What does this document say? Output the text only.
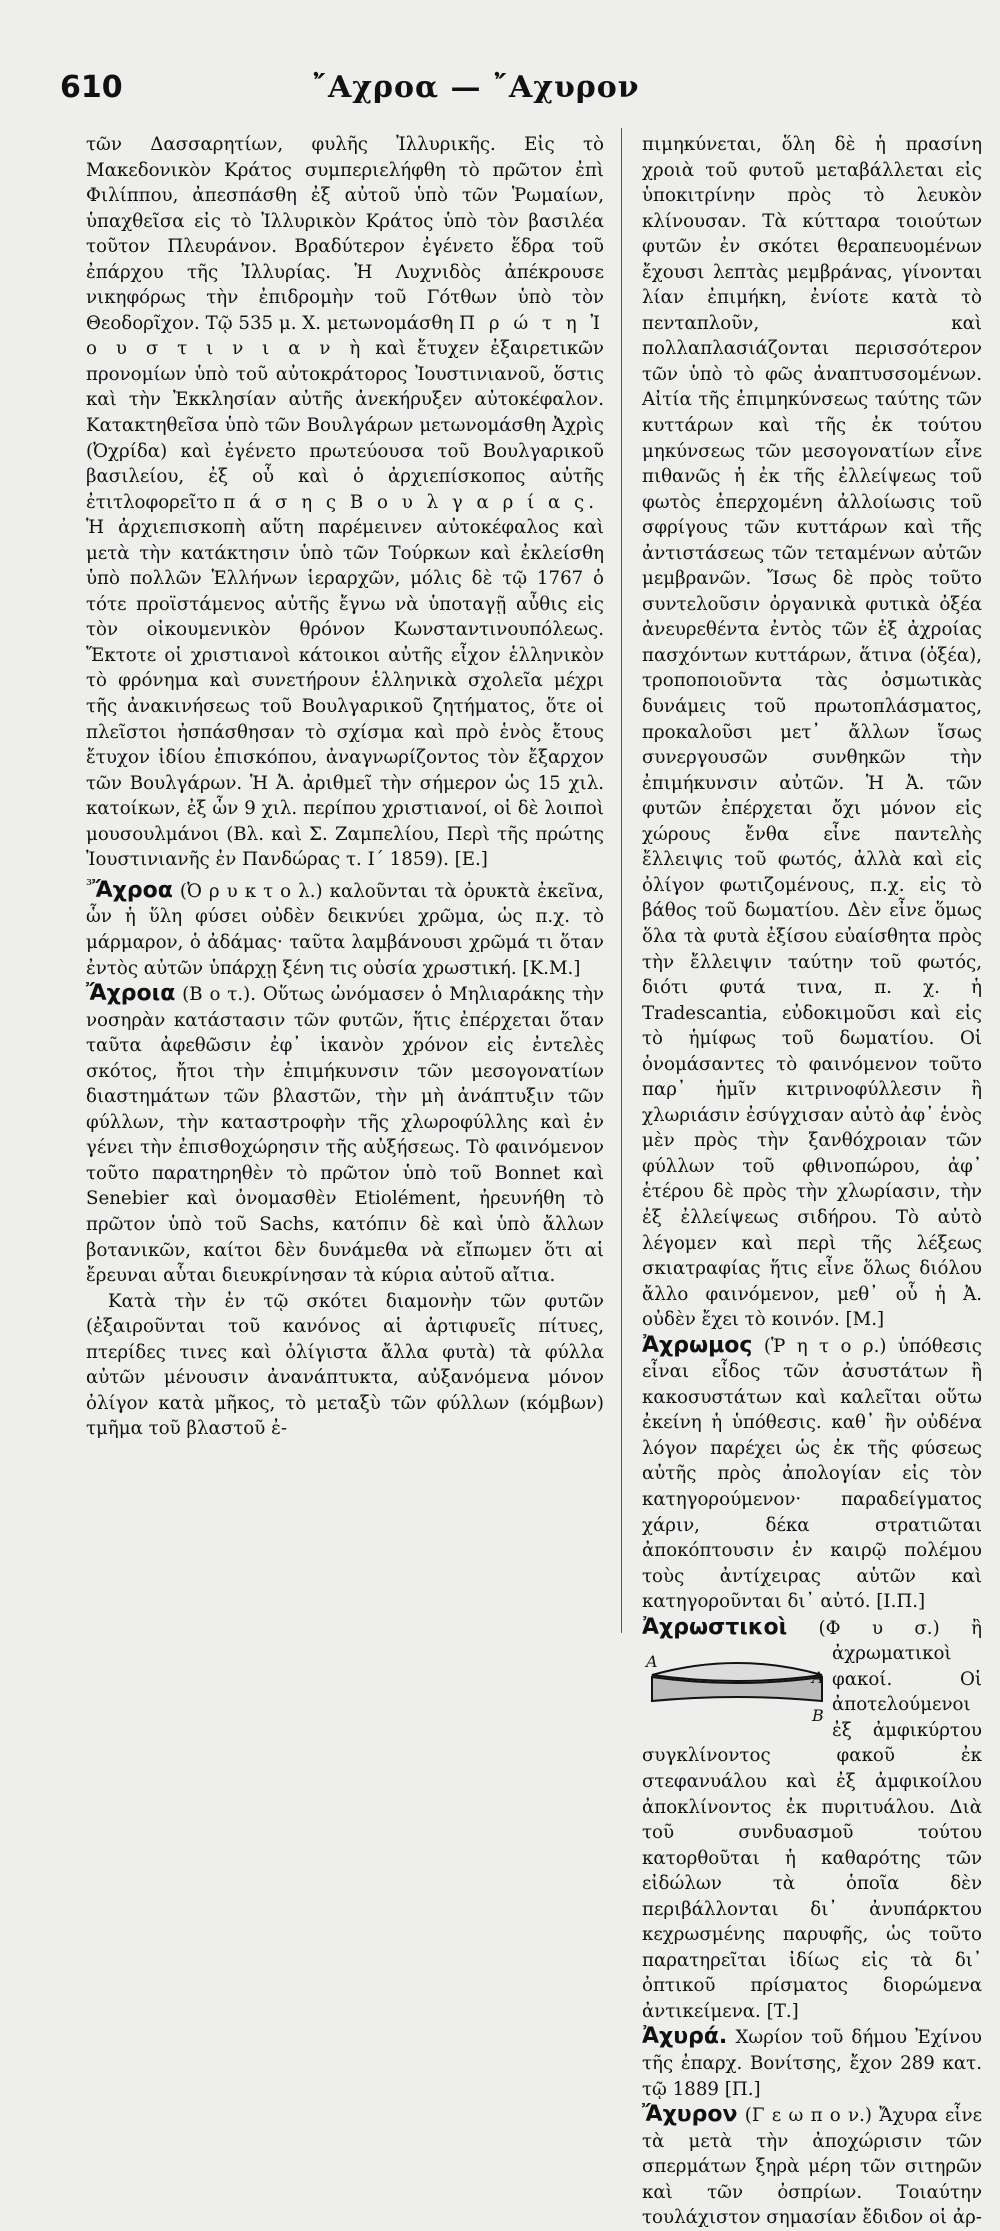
610	῎Αχροα — ῎Αχυρον

τῶν Δασσαρητίων, φυλῆς Ἰλλυρικῆς. Εἰς τὸ Μακεδονικὸν Κράτος συμπεριελήφθη τὸ πρῶτον ἐπὶ Φιλίππου, ἀπεσπάσθη ἐξ αὐτοῦ ὑπὸ τῶν Ῥωμαίων, ὑπαχθεῖσα εἰς τὸ Ἰλλυρικὸν Κράτος ὑπὸ τὸν βασιλέα τοῦτον Πλευράνον. Βραδύτερον ἐγένετο ἕδρα τοῦ ἐπάρχου τῆς Ἰλλυρίας. Ἡ Λυχνιδὸς ἀπέκρουσε νικηφόρως τὴν ἐπιδρομὴν τοῦ Γότθων ὑπὸ τὸν Θεοδορῖχον. Τῷ 535 μ. Χ. μετωνομάσθη Π ρ ώ τ η Ἰ ο υ σ τ ι ν ι α ν ὴ καὶ ἔτυχεν ἐξαιρετικῶν προνομίων ὑπὸ τοῦ αὐτοκράτορος Ἰουστινιανοῦ, ὅστις καὶ τὴν Ἐκκλησίαν αὐτῆς ἀνεκήρυξεν αὐτοκέφαλον. Κατακτηθεῖσα ὑπὸ τῶν Βουλγάρων μετωνομάσθη Ἀχρὶς (Ὀχρίδα) καὶ ἐγένετο πρωτεύουσα τοῦ Βουλγαρικοῦ βασιλείου, ἐξ οὗ καὶ ὁ ἀρχιεπίσκοπος αὐτῆς ἐτιτλοφορεῖτο π ά σ η ς Β ο υ λ γ α ρ ί α ς.

Ἡ ἀρχιεπισκοπὴ αὕτη παρέμεινεν αὐτοκέφαλος καὶ μετὰ τὴν κατάκτησιν ὑπὸ τῶν Τούρκων καὶ ἐκλείσθη ὑπὸ πολλῶν Ἑλλήνων ἱεραρχῶν, μόλις δὲ τῷ 1767 ὁ τότε προϊστάμενος αὐτῆς ἔγνω νὰ ὑποταγῇ αὖθις εἰς τὸν οἰκουμενικὸν θρόνον Κωνσταντινουπόλεως. Ἔκτοτε οἱ χριστιανοὶ κάτοικοι αὐτῆς εἶχον ἑλληνικὸν τὸ φρόνημα καὶ συνετήρουν ἑλληνικὰ σχολεῖα μέχρι τῆς ἀνακινήσεως τοῦ Βουλγαρικοῦ ζητήματος, ὅτε οἱ πλεῖστοι ἠσπάσθησαν τὸ σχίσμα καὶ πρὸ ἑνὸς ἔτους ἔτυχον ἰδίου ἐπισκόπου, ἀναγνωρίζοντος τὸν ἔξαρχον τῶν Βουλγάρων. Ἡ Ἀ. ἀριθμεῖ τὴν σήμερον ὡς 15 χιλ. κατοίκων, ἐξ ὧν 9 χιλ. περίπου χριστιανοί, οἱ δὲ λοιποὶ μουσουλμάνοι (Βλ. καὶ Σ. Ζαμπελίου, Περὶ τῆς πρώτης Ἰουστινιανῆς ἐν Πανδώρας τ. Ι΄ 1859). [Ε.]

$^{^3}$Ἄχροα (Ὀ ρ υ κ τ ο λ.) καλοῦνται τὰ ὀρυκτὰ ἐκεῖνα, ὧν ἡ ὕλη φύσει οὐδὲν δεικνύει χρῶμα, ὡς π.χ. τὸ μάρμαρον, ὁ ἀδάμας· ταῦτα λαμβάνουσι χρῶμά τι ὅταν ἐντὸς αὐτῶν ὑπάρχῃ ξένη τις οὐσία χρωστική. [Κ.Μ.]

Ἄχροια (Β ο τ.). Οὕτως ὠνόμασεν ὁ Μηλιαράκης τὴν νοσηρὰν κατάστασιν τῶν φυτῶν, ἥτις ἐπέρχεται ὅταν ταῦτα ἀφεθῶσιν ἐφ᾽ ἱκανὸν χρόνον εἰς ἐντελὲς σκότος, ἤτοι τὴν ἐπιμήκυνσιν τῶν μεσογονατίων διαστημάτων τῶν βλαστῶν, τὴν μὴ ἀνάπτυξιν τῶν φύλλων, τὴν καταστροφὴν τῆς χλωροφύλλης καὶ ἐν γένει τὴν ἐπισθοχώρησιν τῆς αὐξήσεως. Τὸ φαινόμενον τοῦτο παρατηρηθὲν τὸ πρῶτον ὑπὸ τοῦ Bonnet καὶ Senebier καὶ ὀνομασθὲν Etiolément, ἠρευνήθη τὸ πρῶτον ὑπὸ τοῦ Sachs, κατόπιν δὲ καὶ ὑπὸ ἄλλων βοτανικῶν, καίτοι δὲν δυνάμεθα νὰ εἴπωμεν ὅτι αἱ ἔρευναι αὗται διευκρίνησαν τὰ κύρια αὐτοῦ αἴτια.

Κατὰ τὴν ἐν τῷ σκότει διαμονὴν τῶν φυτῶν (ἐξαιροῦνται τοῦ κανόνος αἱ ἀρτιφυεῖς πίτυες, πτερίδες τινες καὶ ὀλίγιστα ἄλλα φυτὰ) τὰ φύλλα αὐτῶν μένουσιν ἀνανάπτυκτα, αὐξανόμενα μόνον ὀλίγον κατὰ μῆκος, τὸ μεταξὺ τῶν φύλλων (κόμβων) τμῆμα τοῦ βλαστοῦ ἐ-

πιμηκύνεται, ὅλη δὲ ἡ πρασίνη χροιὰ τοῦ φυτοῦ μεταβάλλεται εἰς ὑποκιτρίνην πρὸς τὸ λευκὸν κλίνουσαν. Τὰ κύτταρα τοιούτων φυτῶν ἐν σκότει θεραπευομένων ἔχουσι λεπτὰς μεμβράνας, γίνονται λίαν ἐπιμήκη, ἐνίοτε κατὰ τὸ πενταπλοῦν, καὶ πολλαπλασιάζονται περισσότερον τῶν ὑπὸ τὸ φῶς ἀναπτυσσομένων. Αἰτία τῆς ἐπιμηκύνσεως ταύτης τῶν κυττάρων καὶ τῆς ἐκ τούτου μηκύνσεως τῶν μεσογονατίων εἶνε πιθανῶς ἡ ἐκ τῆς ἐλλείψεως τοῦ φωτὸς ἐπερχομένη ἀλλοίωσις τοῦ σφρίγους τῶν κυττάρων καὶ τῆς ἀντιστάσεως τῶν τεταμένων αὐτῶν μεμβρανῶν. Ἴσως δὲ πρὸς τοῦτο συντελοῦσιν ὀργανικὰ φυτικὰ ὀξέα ἀνευρεθέντα ἐντὸς τῶν ἐξ ἀχροίας πασχόντων κυττάρων, ἅτινα (ὀξέα), τροποποιοῦντα τὰς ὀσμωτικὰς δυνάμεις τοῦ πρωτοπλάσματος, προκαλοῦσι μετ᾽ ἄλλων ἴσως συνεργουσῶν συνθηκῶν τὴν ἐπιμήκυνσιν αὐτῶν. Ἡ Ἀ. τῶν φυτῶν ἐπέρχεται ὄχι μόνον εἰς χώρους ἔνθα εἶνε παντελὴς ἔλλειψις τοῦ φωτός, ἀλλὰ καὶ εἰς ὀλίγον φωτιζομένους, π.χ. εἰς τὸ βάθος τοῦ δωματίου. Δὲν εἶνε ὅμως ὅλα τὰ φυτὰ ἐξίσου εὐαίσθητα πρὸς τὴν ἔλλειψιν ταύτην τοῦ φωτός, διότι φυτά τινα, π. χ. ἡ Tradescantia, εὐδοκιμοῦσι καὶ εἰς τὸ ἡμίφως τοῦ δωματίου. Οἱ ὀνομάσαντες τὸ φαινόμενον τοῦτο παρ᾽ ἡμῖν κιτρινοφύλλεσιν ἢ χλωριάσιν ἐσύγχισαν αὐτὸ ἀφ᾽ ἑνὸς μὲν πρὸς τὴν ξανθόχροιαν τῶν φύλλων τοῦ φθινοπώρου, ἀφ᾽ ἑτέρου δὲ πρὸς τὴν χλωρίασιν, τὴν ἐξ ἐλλείψεως σιδήρου. Τὸ αὐτὸ λέγομεν καὶ περὶ τῆς λέξεως σκιατραφίας ἥτις εἶνε ὅλως διόλου ἄλλο φαινόμενον, μεθ᾽ οὗ ἡ Ἀ. οὐδὲν ἔχει τὸ κοινόν. [Μ.]

Ἀχρωμος (Ῥ η τ ο ρ.) ὑπόθεσις εἶναι εἶδος τῶν ἀσυστάτων ἢ κακοσυστάτων καὶ καλεῖται οὕτω ἐκείνη ἡ ὑπόθεσις. καθ᾽ ἣν οὐδένα λόγον παρέχει ὡς ἐκ τῆς φύσεως αὐτῆς πρὸς ἀπολογίαν εἰς τὸν κατηγορούμενον· παραδείγματος χάριν, δέκα στρατιῶται ἀποκόπτουσιν ἐν καιρῷ πολέμου τοὺς ἀντίχειρας αὑτῶν καὶ κατηγοροῦνται δι᾽ αὐτό. [Ι.Π.]

Ἀχρωστικοὶ (Φ υ σ.)
A
A
B
ἢ ἀχρωματικοὶ φακοί. Οἱ ἀποτελούμενοι ἐξ ἀμφικύρτου συγκλίνοντος φακοῦ ἐκ στεφανυάλου καὶ ἐξ ἀμφικοίλου ἀποκλίνοντος ἐκ πυριτυάλου. Διὰ τοῦ συνδυασμοῦ τούτου κατορθοῦται ἡ καθαρότης τῶν εἰδώλων τὰ ὁποῖα δὲν περιβάλλονται δι᾽ ἀνυπάρκτου κεχρωσμένης παρυφῆς, ὡς τοῦτο παρατηρεῖται ἰδίως εἰς τὰ δι᾽ ὀπτικοῦ πρίσματος διορώμενα ἀντικείμενα. [Τ.]

Ἀχυρά. Χωρίον τοῦ δήμου Ἐχίνου τῆς ἐπαρχ. Βονίτσης, ἔχον 289 κατ. τῷ 1889 [Π.]

Ἄχυρον (Γ ε ω π ο ν.) Ἄχυρα εἶνε τὰ μετὰ τὴν ἀποχώρισιν τῶν σπερμάτων ξηρὰ μέρη τῶν σιτηρῶν καὶ τῶν ὀσπρίων. Τοιαύτην τουλάχιστον σημασίαν ἔδιδον οἱ ἀρ-
